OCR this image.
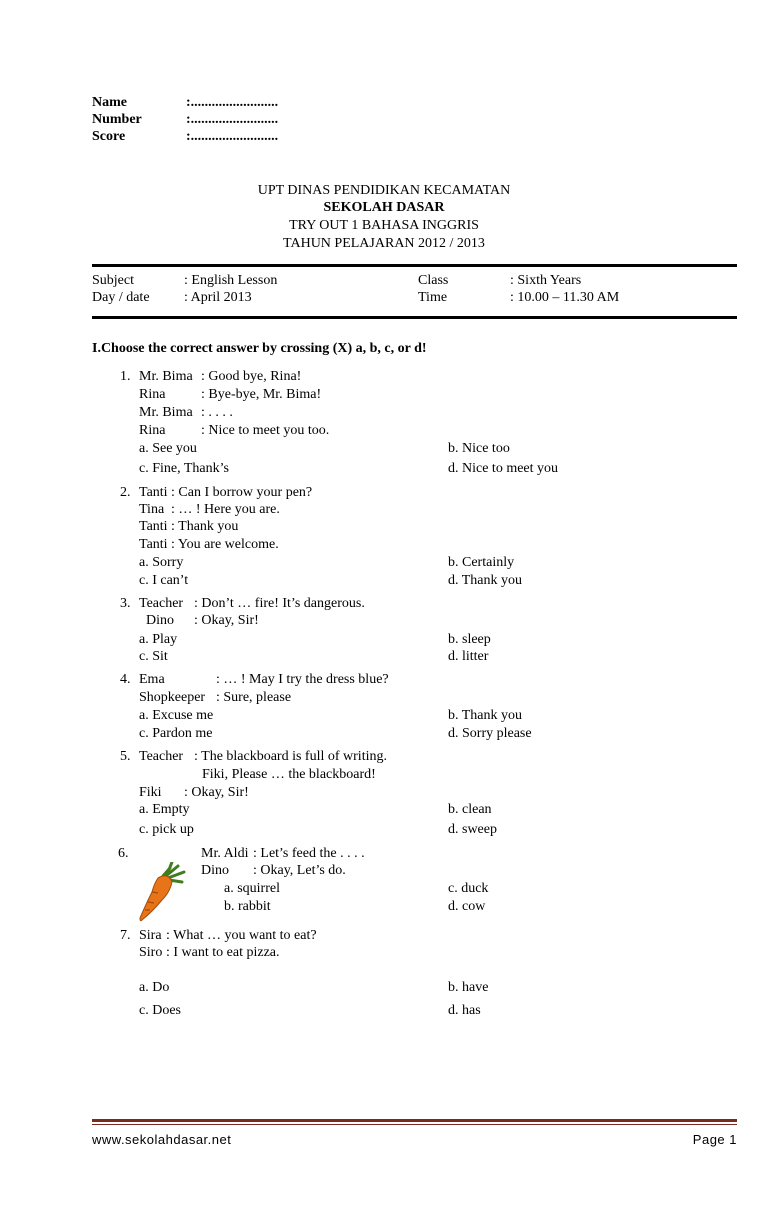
Name	:.........................
Number	:.........................
Score	:.........................
UPT DINAS PENDIDIKAN KECAMATAN
SEKOLAH DASAR
TRY OUT 1 BAHASA INGGRIS
TAHUN PELAJARAN 2012 / 2013
Subject	: English Lesson	Class	: Sixth Years
Day / date : April 2013	Time	: 10.00 – 11.30 AM
I.Choose the correct answer by crossing (X) a, b, c, or d!
1. Mr. Bima : Good bye, Rina!
Rina	: Bye-bye, Mr. Bima!
Mr. Bima : . . . .
Rina	: Nice to meet you too.
a. See you	b. Nice too
c. Fine, Thank’s	d. Nice to meet you
2. Tanti : Can I borrow your pen?
Tina : … ! Here you are.
Tanti : Thank you
Tanti : You are welcome.
a. Sorry	b. Certainly
c. I can’t	d. Thank you
3. Teacher : Don’t … fire! It’s dangerous.
Dino : Okay, Sir!
a. Play	b. sleep
c. Sit	d. litter
4. Ema	: … ! May I try the dress blue?
Shopkeeper : Sure, please
a. Excuse me	b. Thank you
c. Pardon me	d. Sorry please
5. Teacher : The blackboard is full of writing.
Fiki, Please … the blackboard!
Fiki : Okay, Sir!
a. Empty	b. clean
c. pick up	d. sweep
6.	Mr. Aldi : Let’s feed the . . . .
Dino : Okay, Let’s do.
a. squirrel	c. duck
b. rabbit	d. cow
7. Sira : What … you want to eat?
Siro : I want to eat pizza.
a. Do	b. have
c. Does	d. has
www.sekolahdasar.net	Page 1
